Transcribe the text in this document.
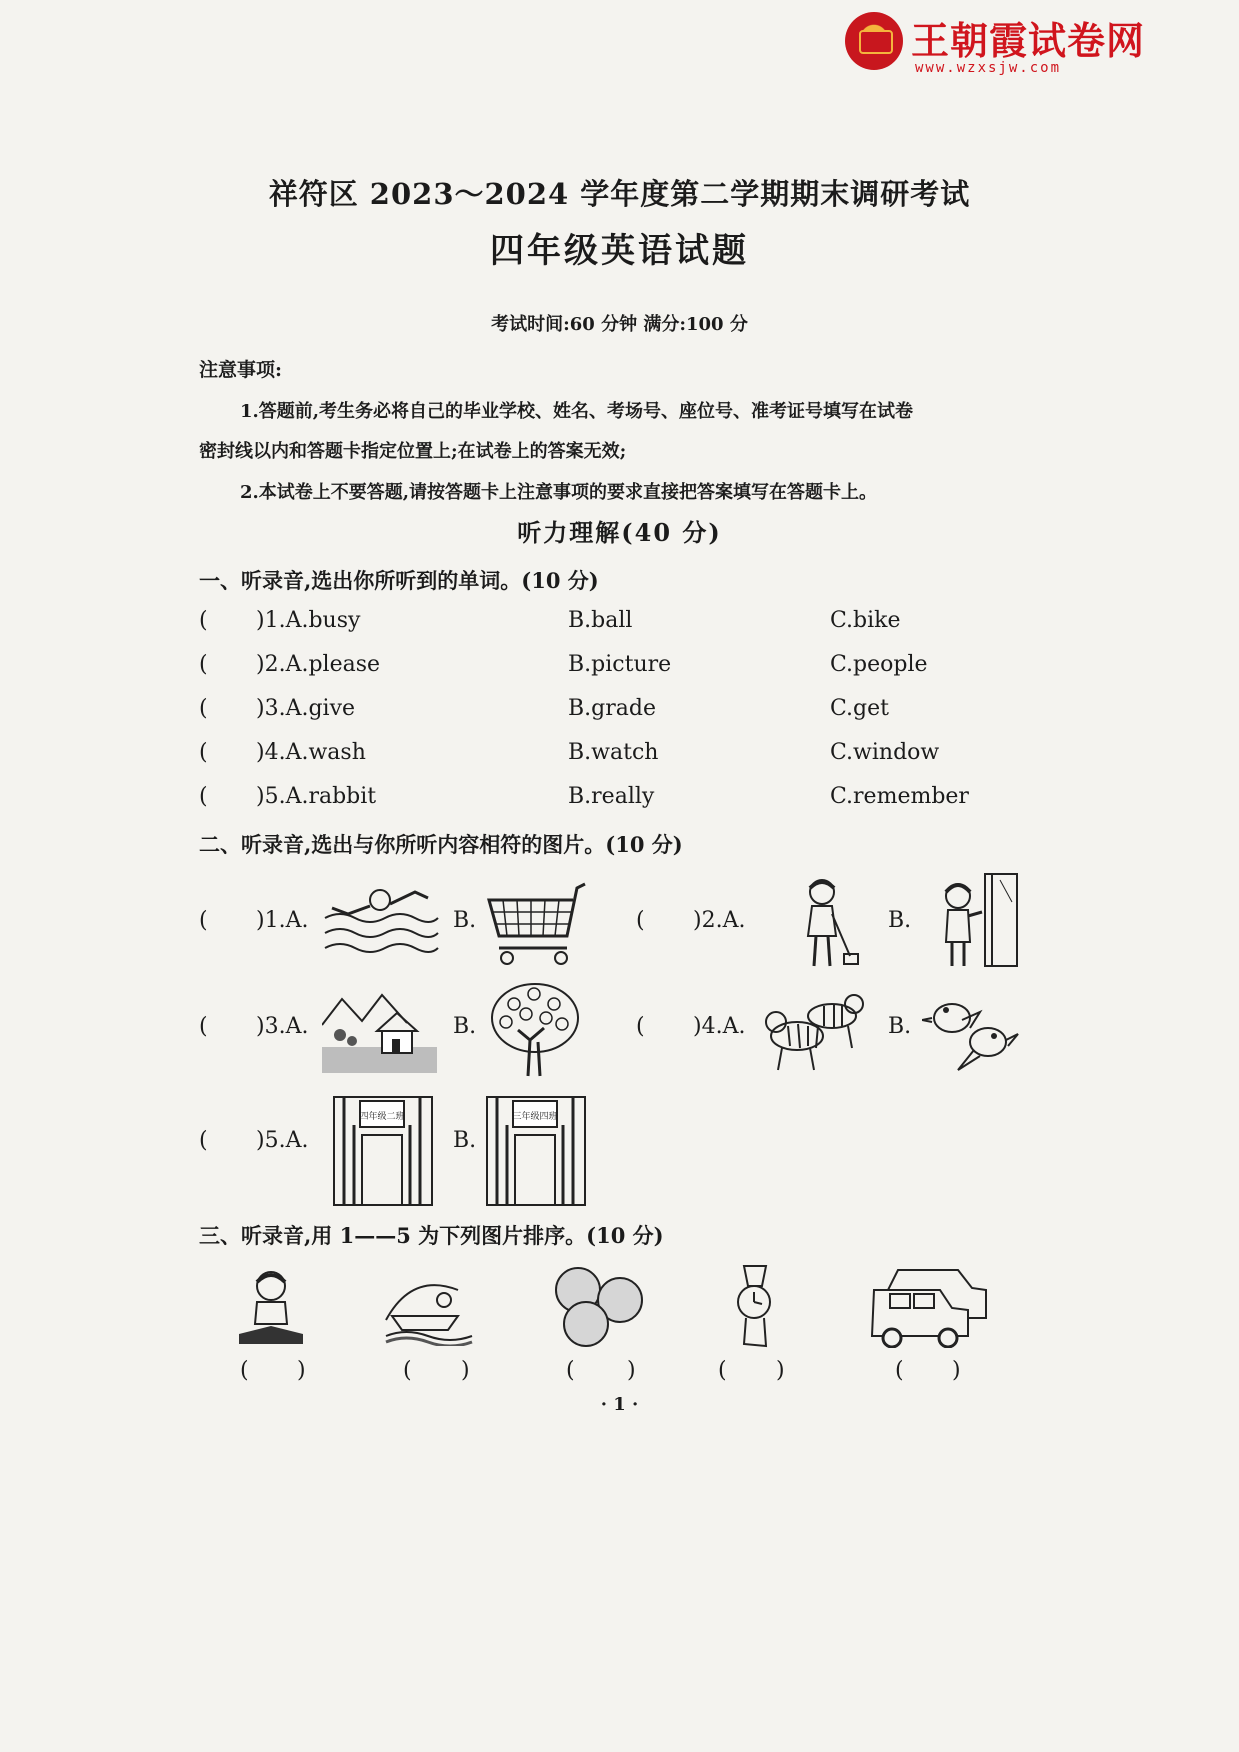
王朝霞试卷网
www.wzxsjw.com
祥符区 2023～2024 学年度第二学期期末调研考试
四年级英语试题
考试时间:60 分钟 满分:100 分
注意事项:
1.答题前,考生务必将自己的毕业学校、姓名、考场号、座位号、准考证号填写在试卷
密封线以内和答题卡指定位置上;在试卷上的答案无效;
2.本试卷上不要答题,请按答题卡上注意事项的要求直接把答案填写在答题卡上。
听力理解(40 分)
一、听录音,选出你所听到的单词。(10 分)
( )1.A.busy	B.ball	C.bike
( )2.A.please	B.picture	C.people
( )3.A.give	B.grade	C.get
( )4.A.wash	B.watch	C.window
( )5.A.rabbit	B.really	C.remember
二、听录音,选出与你所听内容相符的图片。(10 分)
( )1.A.	B.	( )2.A.	B.
( )3.A.	B.	( )4.A.	B.
( )5.A.
四年级二班
B.
三年级四班
三、听录音,用 1——5 为下列图片排序。(10 分)
( )	( )	( )	( )	( )
· 1 ·
